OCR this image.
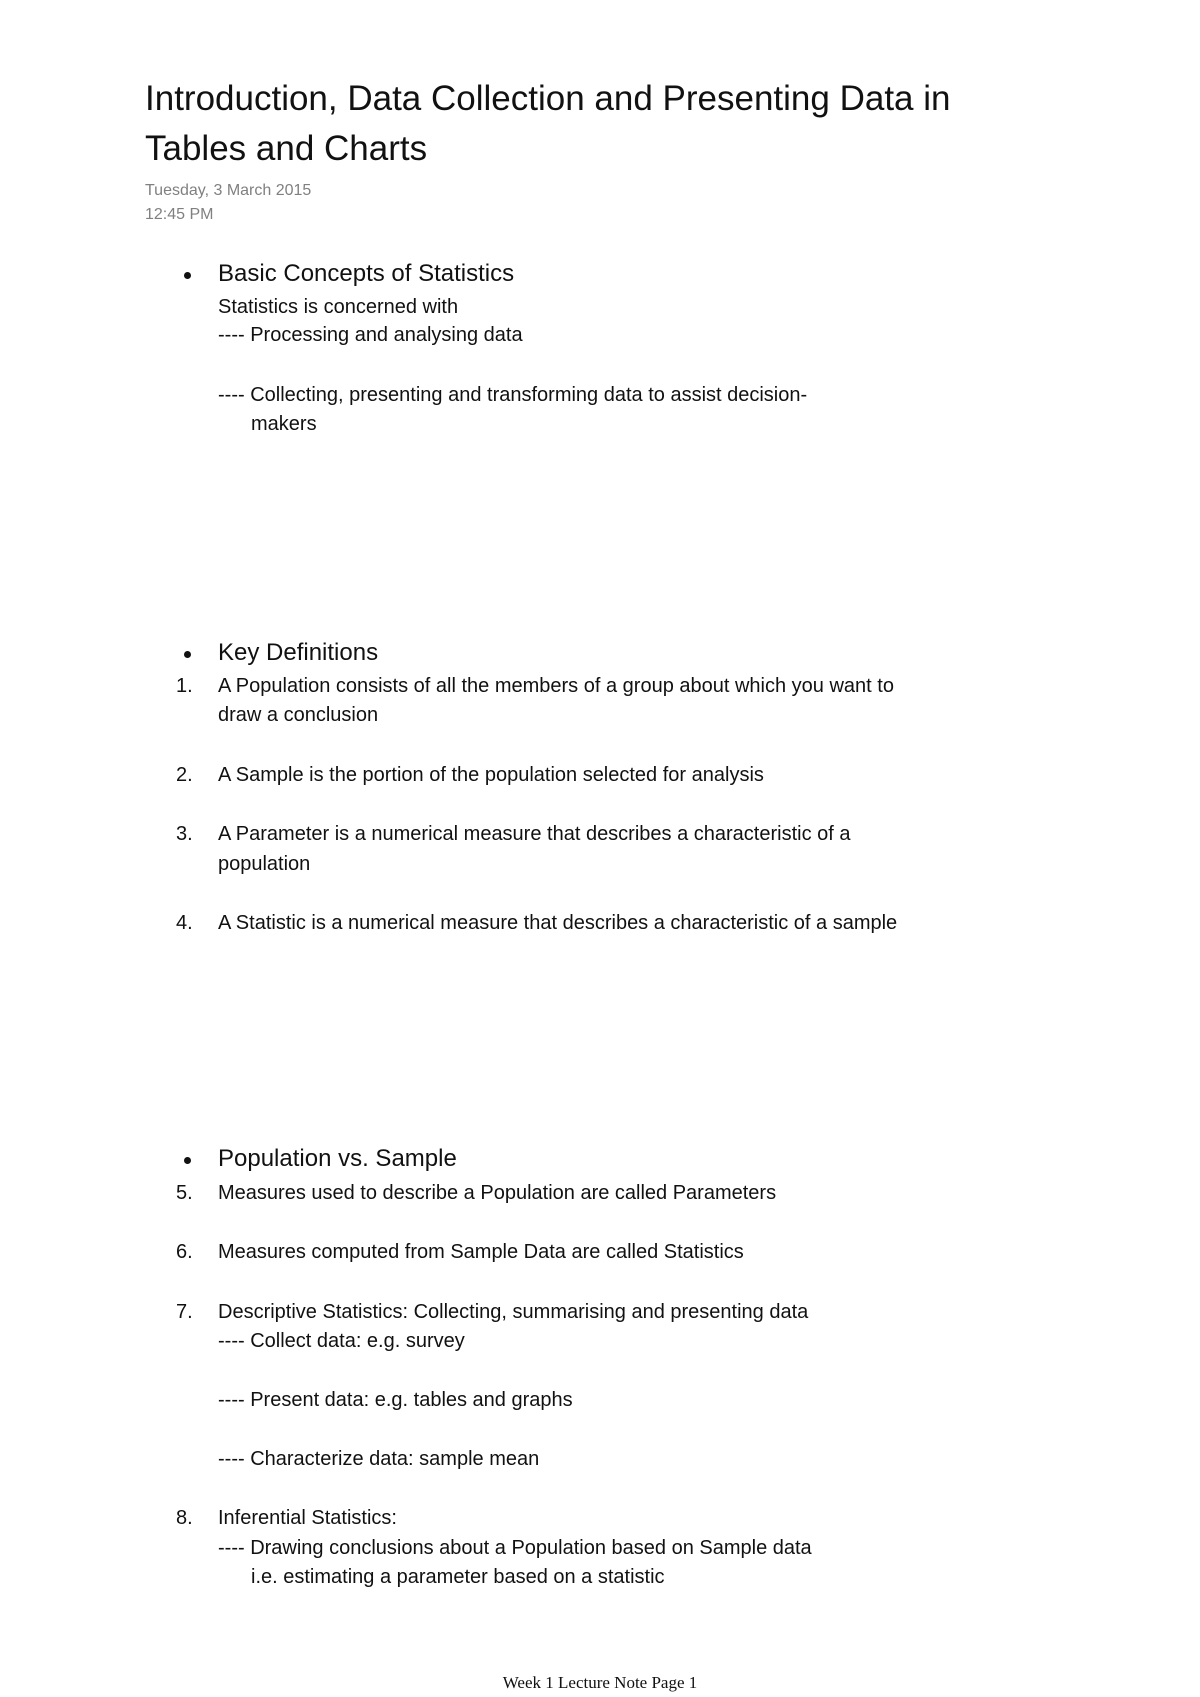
Introduction, Data Collection and Presenting Data in Tables and Charts
Tuesday, 3 March 2015
12:45 PM
Basic Concepts of Statistics
Statistics is concerned with
---- Processing and analysing data
---- Collecting, presenting and transforming data to assist decision-
makers
Key Definitions
1. A Population consists of all the members of a group about which you want to
draw a conclusion
2. A Sample is the portion of the population selected for analysis
3. A Parameter is a numerical measure that describes a characteristic of a
population
4. A Statistic is a numerical measure that describes a characteristic of a sample
Population vs. Sample
5. Measures used to describe a Population are called Parameters
6. Measures computed from Sample Data are called Statistics
7. Descriptive Statistics: Collecting, summarising and presenting data
---- Collect data: e.g. survey
---- Present data: e.g. tables and graphs
---- Characterize data: sample mean
8. Inferential Statistics:
---- Drawing conclusions about a Population based on Sample data
i.e. estimating a parameter based on a statistic
Week 1 Lecture Note Page 1
